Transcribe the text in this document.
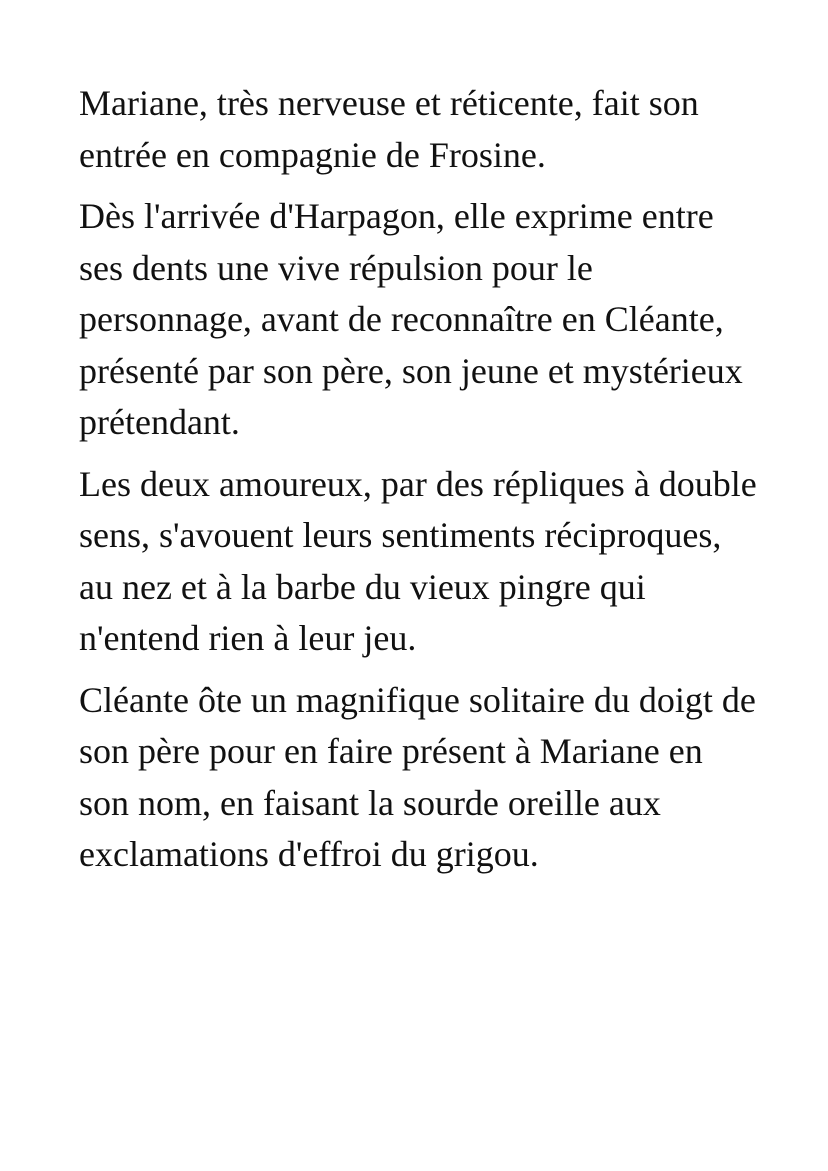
Mariane, très nerveuse et réticente, fait son entrée en compagnie de Frosine.

Dès l'arrivée d'Harpagon, elle exprime entre ses dents une vive répulsion pour le personnage, avant de reconnaître en Cléante, présenté par son père, son jeune et mystérieux prétendant.

Les deux amoureux, par des répliques à double sens, s'avouent leurs sentiments réciproques, au nez et à la barbe du vieux pingre qui n'entend rien à leur jeu.

Cléante ôte un magnifique solitaire du doigt de son père pour en faire présent à Mariane en son nom, en faisant la sourde oreille aux exclamations d'effroi du grigou.
